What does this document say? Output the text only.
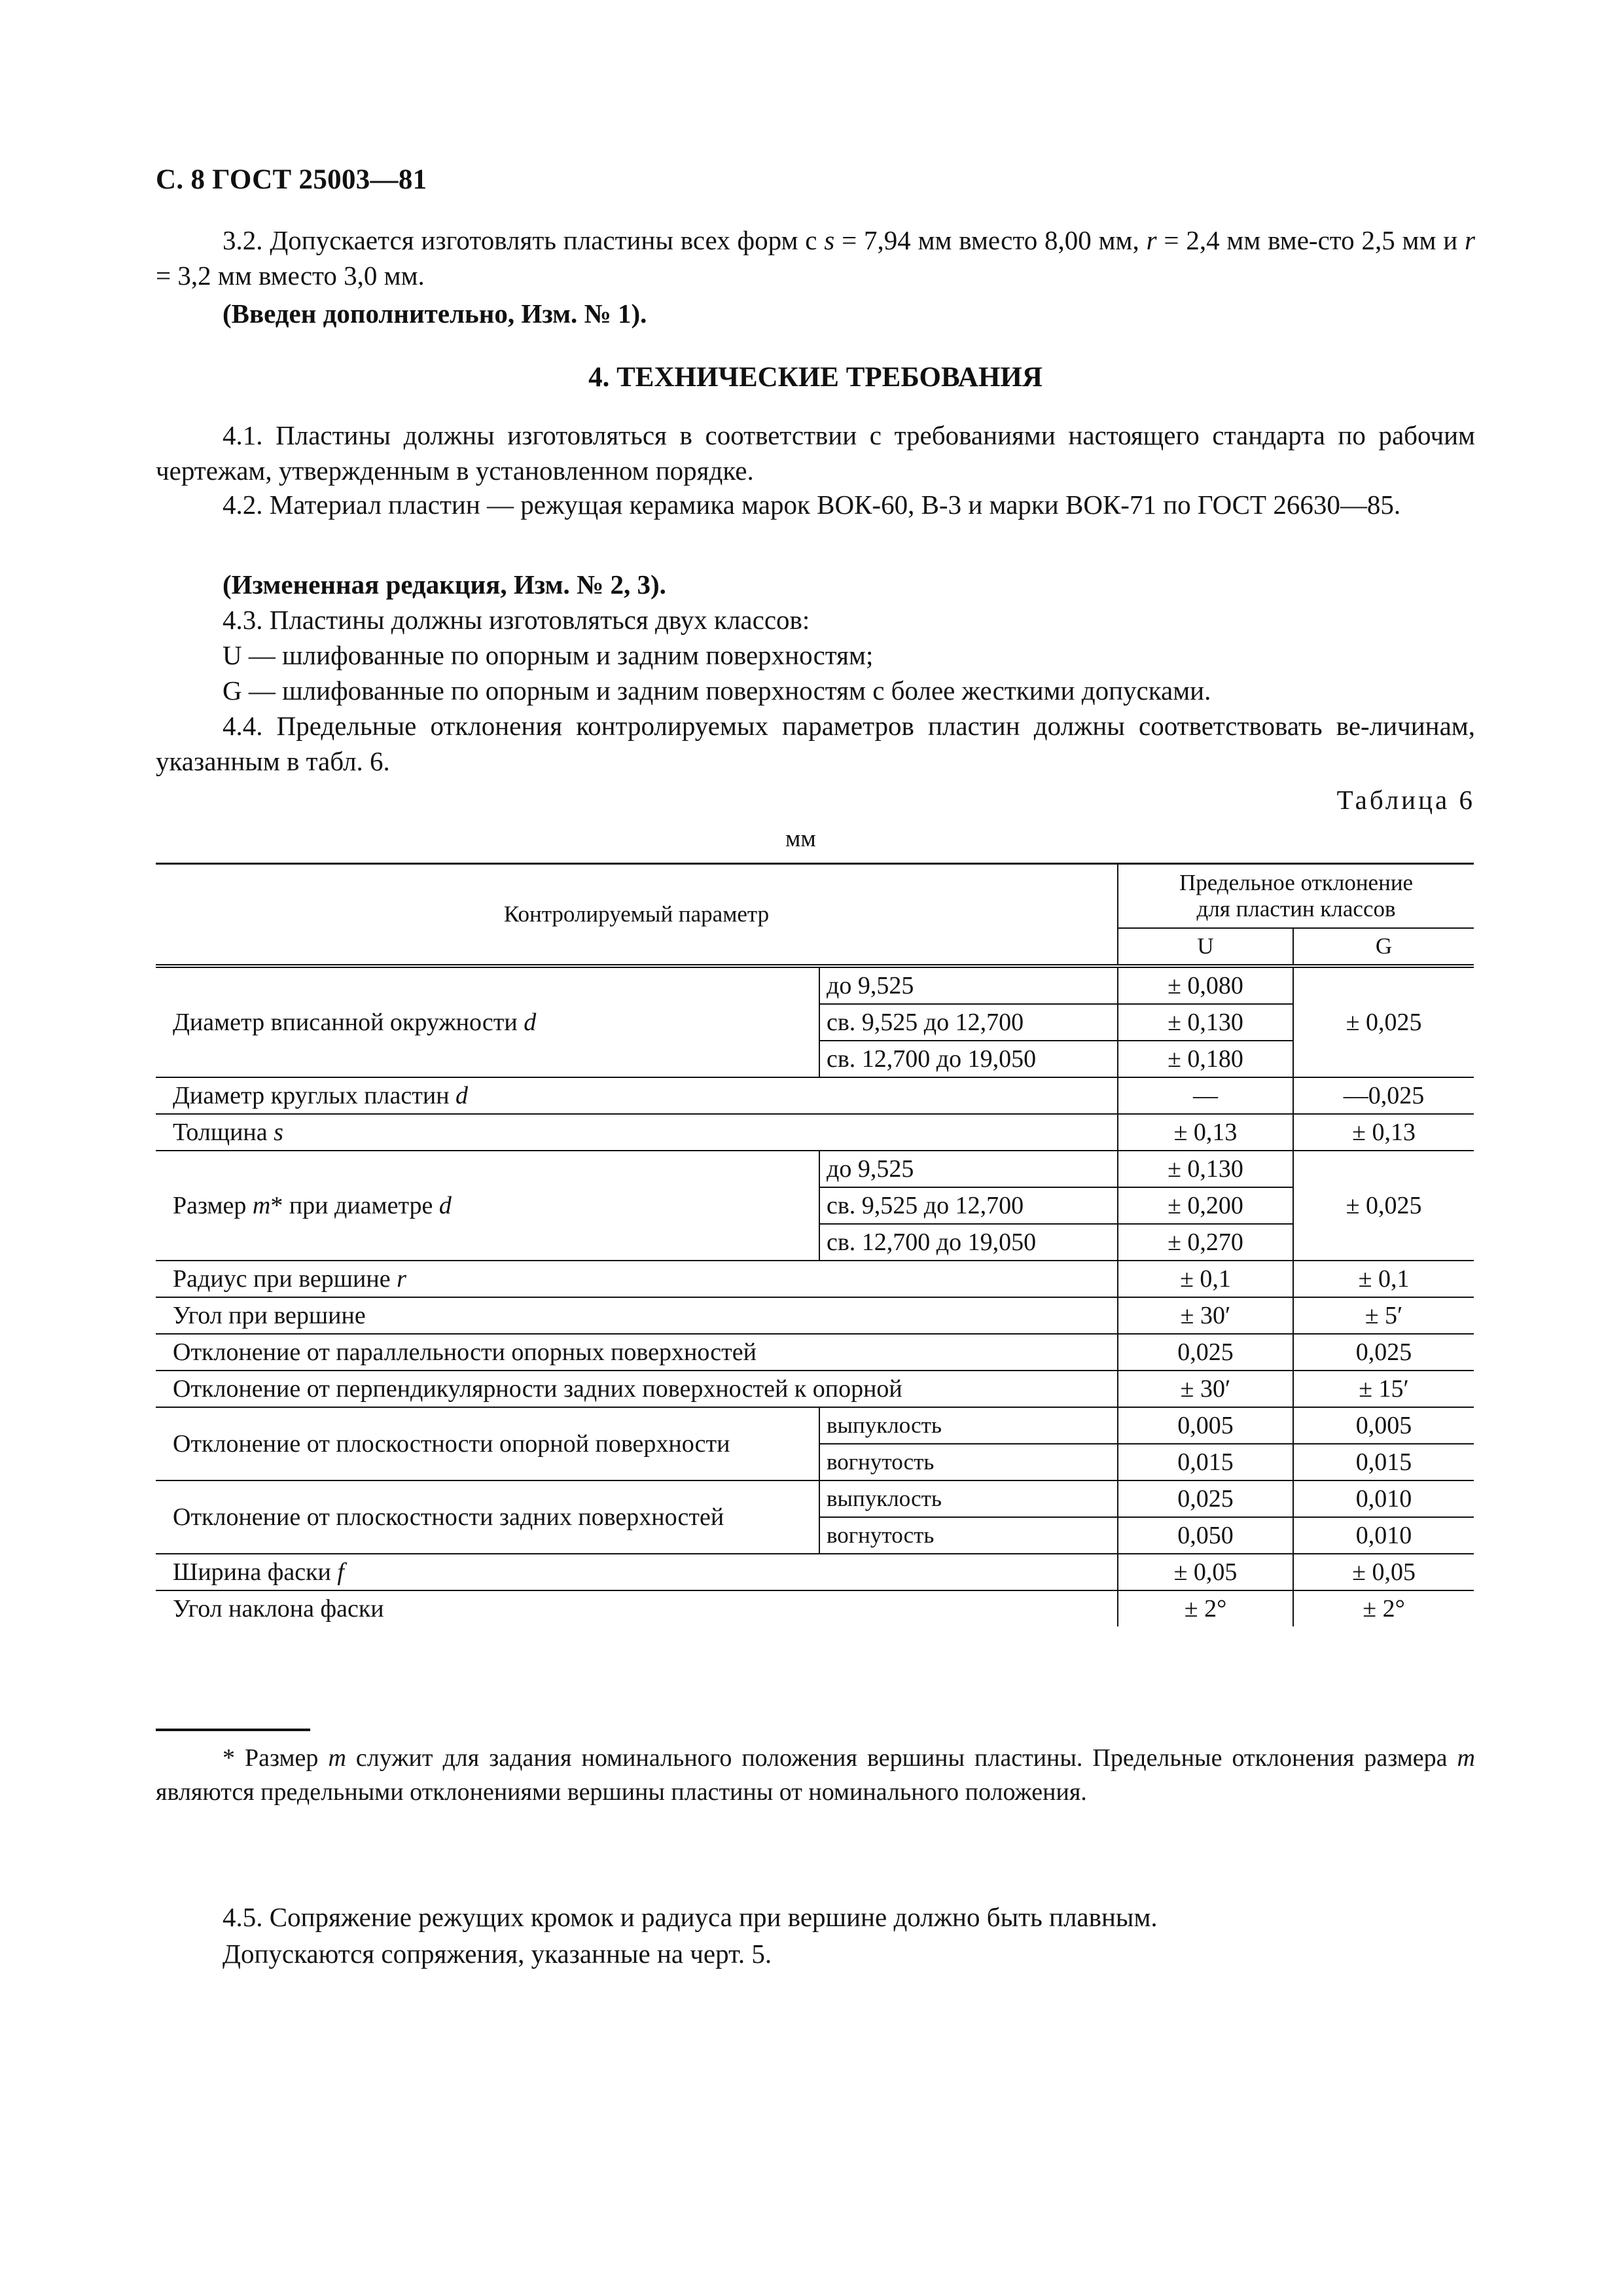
С. 8 ГОСТ 25003—81
3.2. Допускается изготовлять пластины всех форм с s = 7,94 мм вместо 8,00 мм, r = 2,4 мм вме-сто 2,5 мм и r = 3,2 мм вместо 3,0 мм.
(Введен дополнительно, Изм. № 1).
4. ТЕХНИЧЕСКИЕ ТРЕБОВАНИЯ
4.1. Пластины должны изготовляться в соответствии с требованиями настоящего стандарта по рабочим чертежам, утвержденным в установленном порядке.
4.2. Материал пластин — режущая керамика марок ВОК-60, В-3 и марки ВОК-71 по ГОСТ 26630—85.
(Измененная редакция, Изм. № 2, 3).
4.3. Пластины должны изготовляться двух классов:
U — шлифованные по опорным и задним поверхностям;
G — шлифованные по опорным и задним поверхностям с более жесткими допусками.
4.4. Предельные отклонения контролируемых параметров пластин должны соответствовать ве-личинам, указанным в табл. 6.
Таблица 6
мм
Контролируемый параметр		Предельное отклонение
для пластин классов	
		U	G
Диаметр вписанной окружности d	до 9,525	± 0,080	± 0,025
	св. 9,525 до 12,700	± 0,130	
	св. 12,700 до 19,050	± 0,180	
Диаметр круглых пластин d		—	—0,025
Толщина s		± 0,13	± 0,13
Размер m* при диаметре d	до 9,525	± 0,130	± 0,025
	св. 9,525 до 12,700	± 0,200	
	св. 12,700 до 19,050	± 0,270	
Радиус при вершине r		± 0,1	± 0,1
Угол при вершине		± 30′	± 5′
Отклонение от параллельности опорных поверхностей		0,025	0,025
Отклонение от перпендикулярности задних поверхностей к опорной		± 30′	± 15′
Отклонение от плоскостности опорной поверхности	выпуклость	0,005	0,005
	вогнутость	0,015	0,015
Отклонение от плоскостности задних поверхностей	выпуклость	0,025	0,010
	вогнутость	0,050	0,010
Ширина фаски f		± 0,05	± 0,05
Угол наклона фаски		± 2°	± 2°
* Размер m служит для задания номинального положения вершины пластины. Предельные отклонения размера m являются предельными отклонениями вершины пластины от номинального положения.
4.5. Сопряжение режущих кромок и радиуса при вершине должно быть плавным.
Допускаются сопряжения, указанные на черт. 5.
